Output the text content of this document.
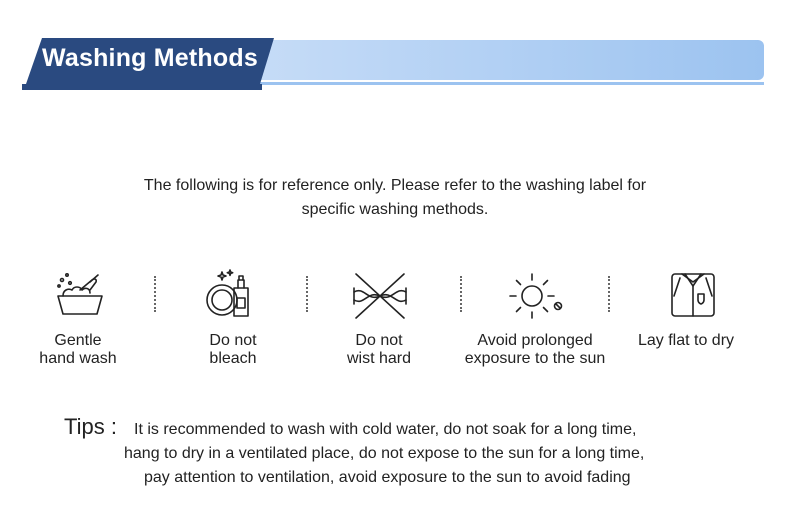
Washing Methods
The following is for reference only. Please refer to the washing label for
specific washing methods.
Gentle
hand wash
Do not
bleach
Do not
wist hard
Avoid prolonged
exposure to the sun
Lay flat to dry
Tips : It is recommended to wash with cold water, do not soak for a long time,
hang to dry in a ventilated place, do not expose to the sun for a long time,
pay attention to ventilation, avoid exposure to the sun to avoid fading
